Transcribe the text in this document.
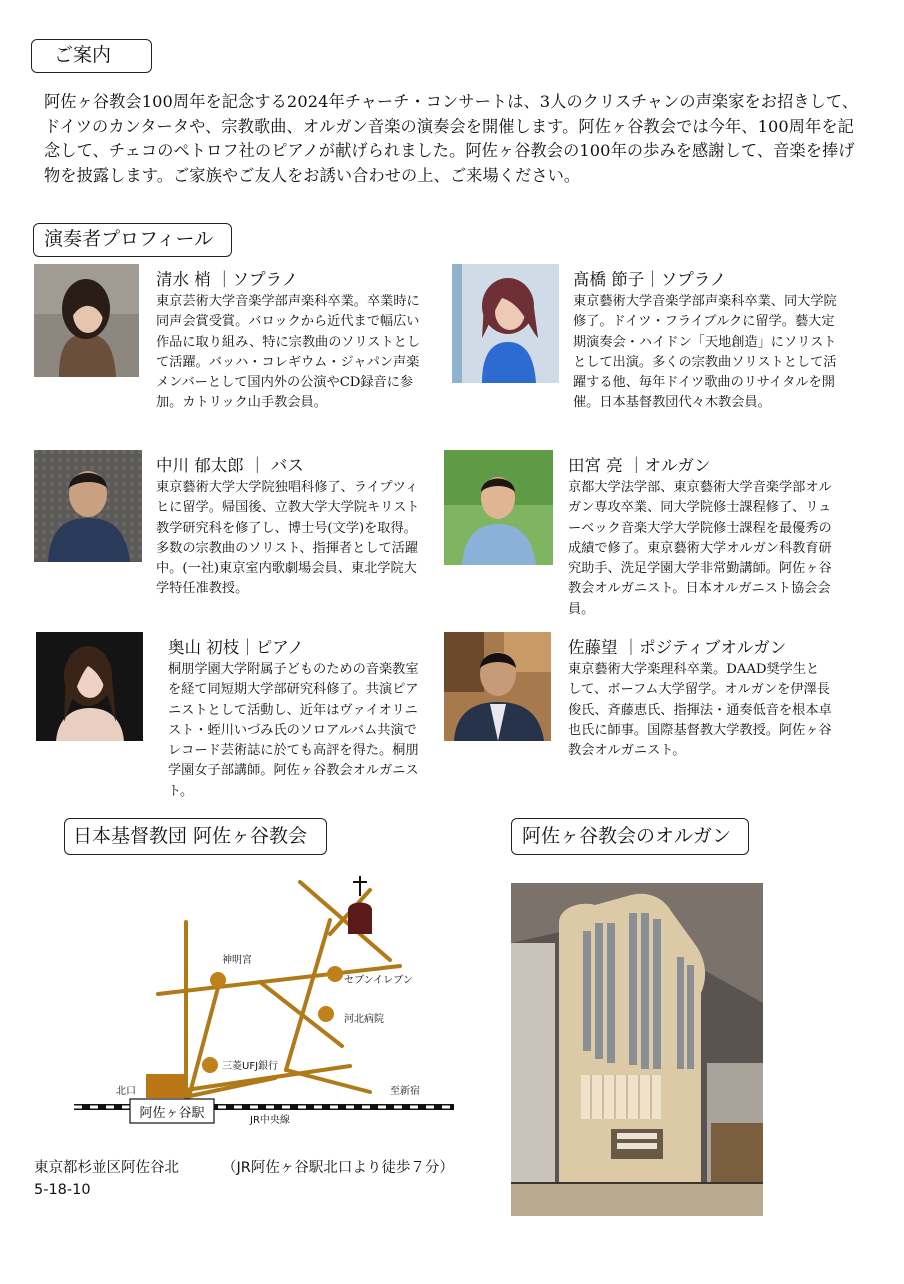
ご案内
阿佐ヶ谷教会100周年を記念する2024年チャーチ・コンサートは、3人のクリスチャンの声楽家をお招きして、ドイツのカンタータや、宗教歌曲、オルガン音楽の演奏会を開催します。阿佐ヶ谷教会では今年、100周年を記念して、チェコのペトロフ社のピアノが献げられました。阿佐ヶ谷教会の100年の歩みを感謝して、音楽を捧げ物を披露します。ご家族やご友人をお誘い合わせの上、ご来場ください。
演奏者プロフィール
清水 梢 ｜ソプラノ
東京芸術大学音楽学部声楽科卒業。卒業時に同声会賞受賞。バロックから近代まで幅広い作品に取り組み、特に宗教曲のソリストとして活躍。バッハ・コレギウム・ジャパン声楽メンバーとして国内外の公演やCD録音に参加。カトリック山手教会員。
髙橋 節子｜ソプラノ
東京藝術大学音楽学部声楽科卒業、同大学院修了。ドイツ・フライブルクに留学。藝大定期演奏会・ハイドン「天地創造」にソリストとして出演。多くの宗教曲ソリストとして活躍する他、毎年ドイツ歌曲のリサイタルを開催。日本基督教団代々木教会員。
中川 郁太郎 ｜ バス
東京藝術大学大学院独唱科修了、ライプツィヒに留学。帰国後、立教大学大学院キリスト教学研究科を修了し、博士号(文学)を取得。多数の宗教曲のソリスト、指揮者として活躍中。(一社)東京室内歌劇場会員、東北学院大学特任准教授。
田宮 亮 ｜オルガン
京都大学法学部、東京藝術大学音楽学部オルガン専攻卒業、同大学院修士課程修了、リューベック音楽大学大学院修士課程を最優秀の成績で修了。東京藝術大学オルガン科教育研究助手、洗足学園大学非常勤講師。阿佐ヶ谷教会オルガニスト。日本オルガニスト協会会員。
奥山 初枝｜ピアノ
桐朋学園大学附属子どものための音楽教室を経て同短期大学部研究科修了。共演ピアニストとして活動し、近年はヴァイオリニスト・蛭川いづみ氏のソロアルバム共演でレコード芸術誌に於ても高評を得た。桐朋学園女子部講師。阿佐ヶ谷教会オルガニスト。
佐藤望 ｜ポジティブオルガン
東京藝術大学楽理科卒業。DAAD奨学生として、ボーフム大学留学。オルガンを伊澤長俊氏、斉藤恵氏、指揮法・通奏低音を根本卓也氏に師事。国際基督教大学教授。阿佐ヶ谷教会オルガニスト。
日本基督教団 阿佐ヶ谷教会
阿佐ヶ谷駅
神明宮
セブンイレブン
河北病院
三菱UFJ銀行
北口	至新宿
JR中央線
東京都杉並区阿佐谷北
5-18-10
（JR阿佐ヶ谷駅北口より徒歩７分）
阿佐ヶ谷教会のオルガン
